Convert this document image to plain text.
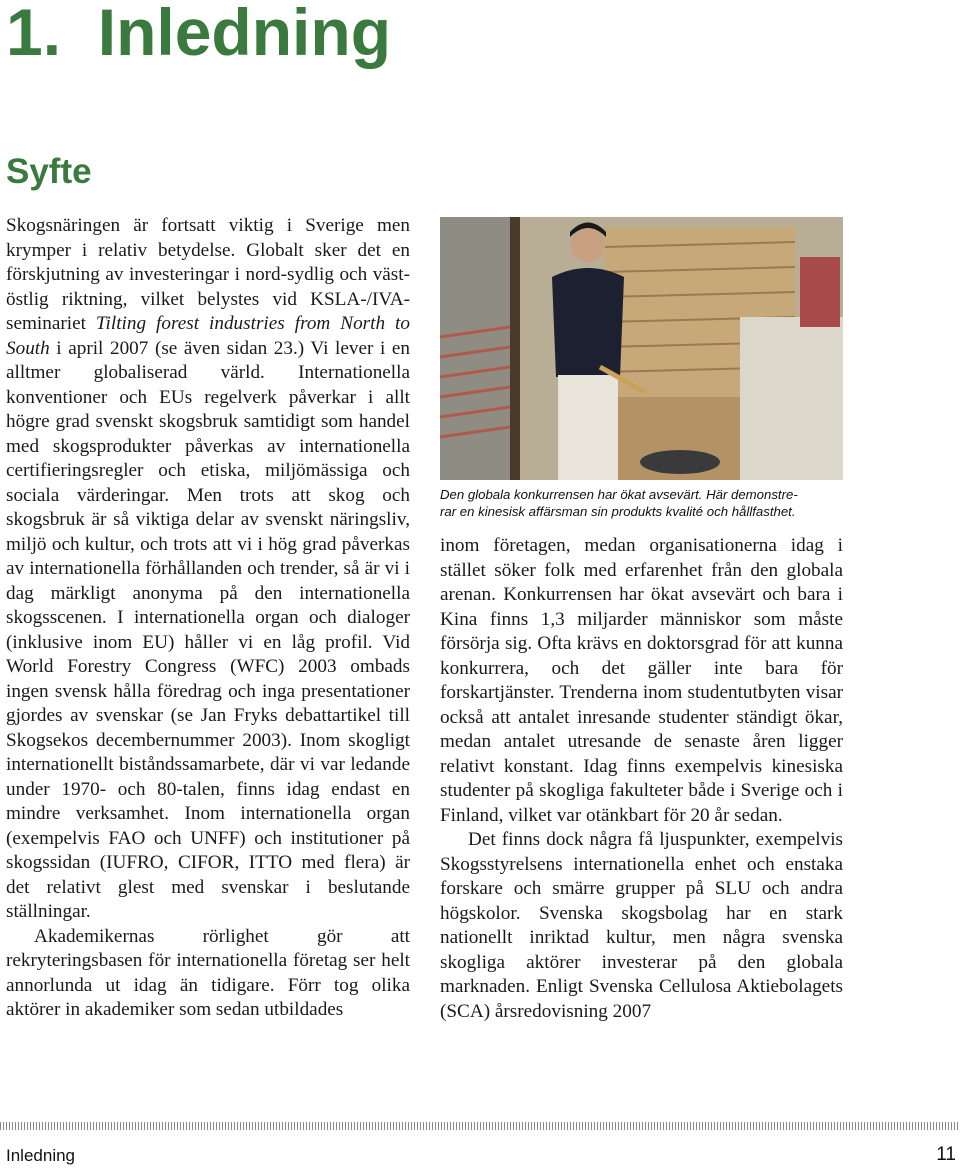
1. Inledning
Syfte

Skogsnäringen är fortsatt viktig i Sverige men krymper i relativ betydelse. Globalt sker det en förskjutning av investeringar i nord-sydlig och väst-östlig riktning, vilket belystes vid KSLA-/IVA-seminariet Tilting forest industries from North to South i april 2007 (se även sidan 23.) Vi lever i en alltmer globaliserad värld. Internationella konventioner och EUs regelverk påverkar i allt högre grad svenskt skogsbruk samtidigt som handel med skogsprodukter påverkas av internationella certifieringsregler och etiska, miljömässiga och sociala värderingar. Men trots att skog och skogsbruk är så viktiga delar av svenskt näringsliv, miljö och kultur, och trots att vi i hög grad påverkas av internationella förhållanden och trender, så är vi i dag märkligt anonyma på den internationella skogsscenen. I internationella organ och dialoger (inklusive inom EU) håller vi en låg profil. Vid World Forestry Congress (WFC) 2003 ombads ingen svensk hålla föredrag och inga presentationer gjordes av svenskar (se Jan Fryks debattartikel till Skogsekos decembernummer 2003). Inom skogligt internationellt biståndssamarbete, där vi var ledande under 1970- och 80-talen, finns idag endast en mindre verksamhet. Inom internationella organ (exempelvis FAO och UNFF) och institutioner på skogssidan (IUFRO, CIFOR, ITTO med flera) är det relativt glest med svenskar i beslutande ställningar.

Akademikernas rörlighet gör att rekryteringsbasen för internationella företag ser helt annorlunda ut idag än tidigare. Förr tog olika aktörer in akademiker som sedan utbildades

Den globala konkurrensen har ökat avsevärt. Här demonstre-

rar en kinesisk affärsman sin produkts kvalité och hållfasthet.

inom företagen, medan organisationerna idag i stället söker folk med erfarenhet från den globala arenan. Konkurrensen har ökat avsevärt och bara i Kina finns 1,3 miljarder människor som måste försörja sig. Ofta krävs en doktorsgrad för att kunna konkurrera, och det gäller inte bara för forskartjänster. Trenderna inom studentutbyten visar också att antalet inresande studenter ständigt ökar, medan antalet utresande de senaste åren ligger relativt konstant. Idag finns exempelvis kinesiska studenter på skogliga fakulteter både i Sverige och i Finland, vilket var otänkbart för 20 år sedan.

Det finns dock några få ljuspunkter, exempelvis Skogsstyrelsens internationella enhet och enstaka forskare och smärre grupper på SLU och andra högskolor. Svenska skogsbolag har en stark nationellt inriktad kultur, men några svenska skogliga aktörer investerar på den globala marknaden. Enligt Svenska Cellulosa Aktiebolagets (SCA) årsredovisning 2007

Inledning	11
